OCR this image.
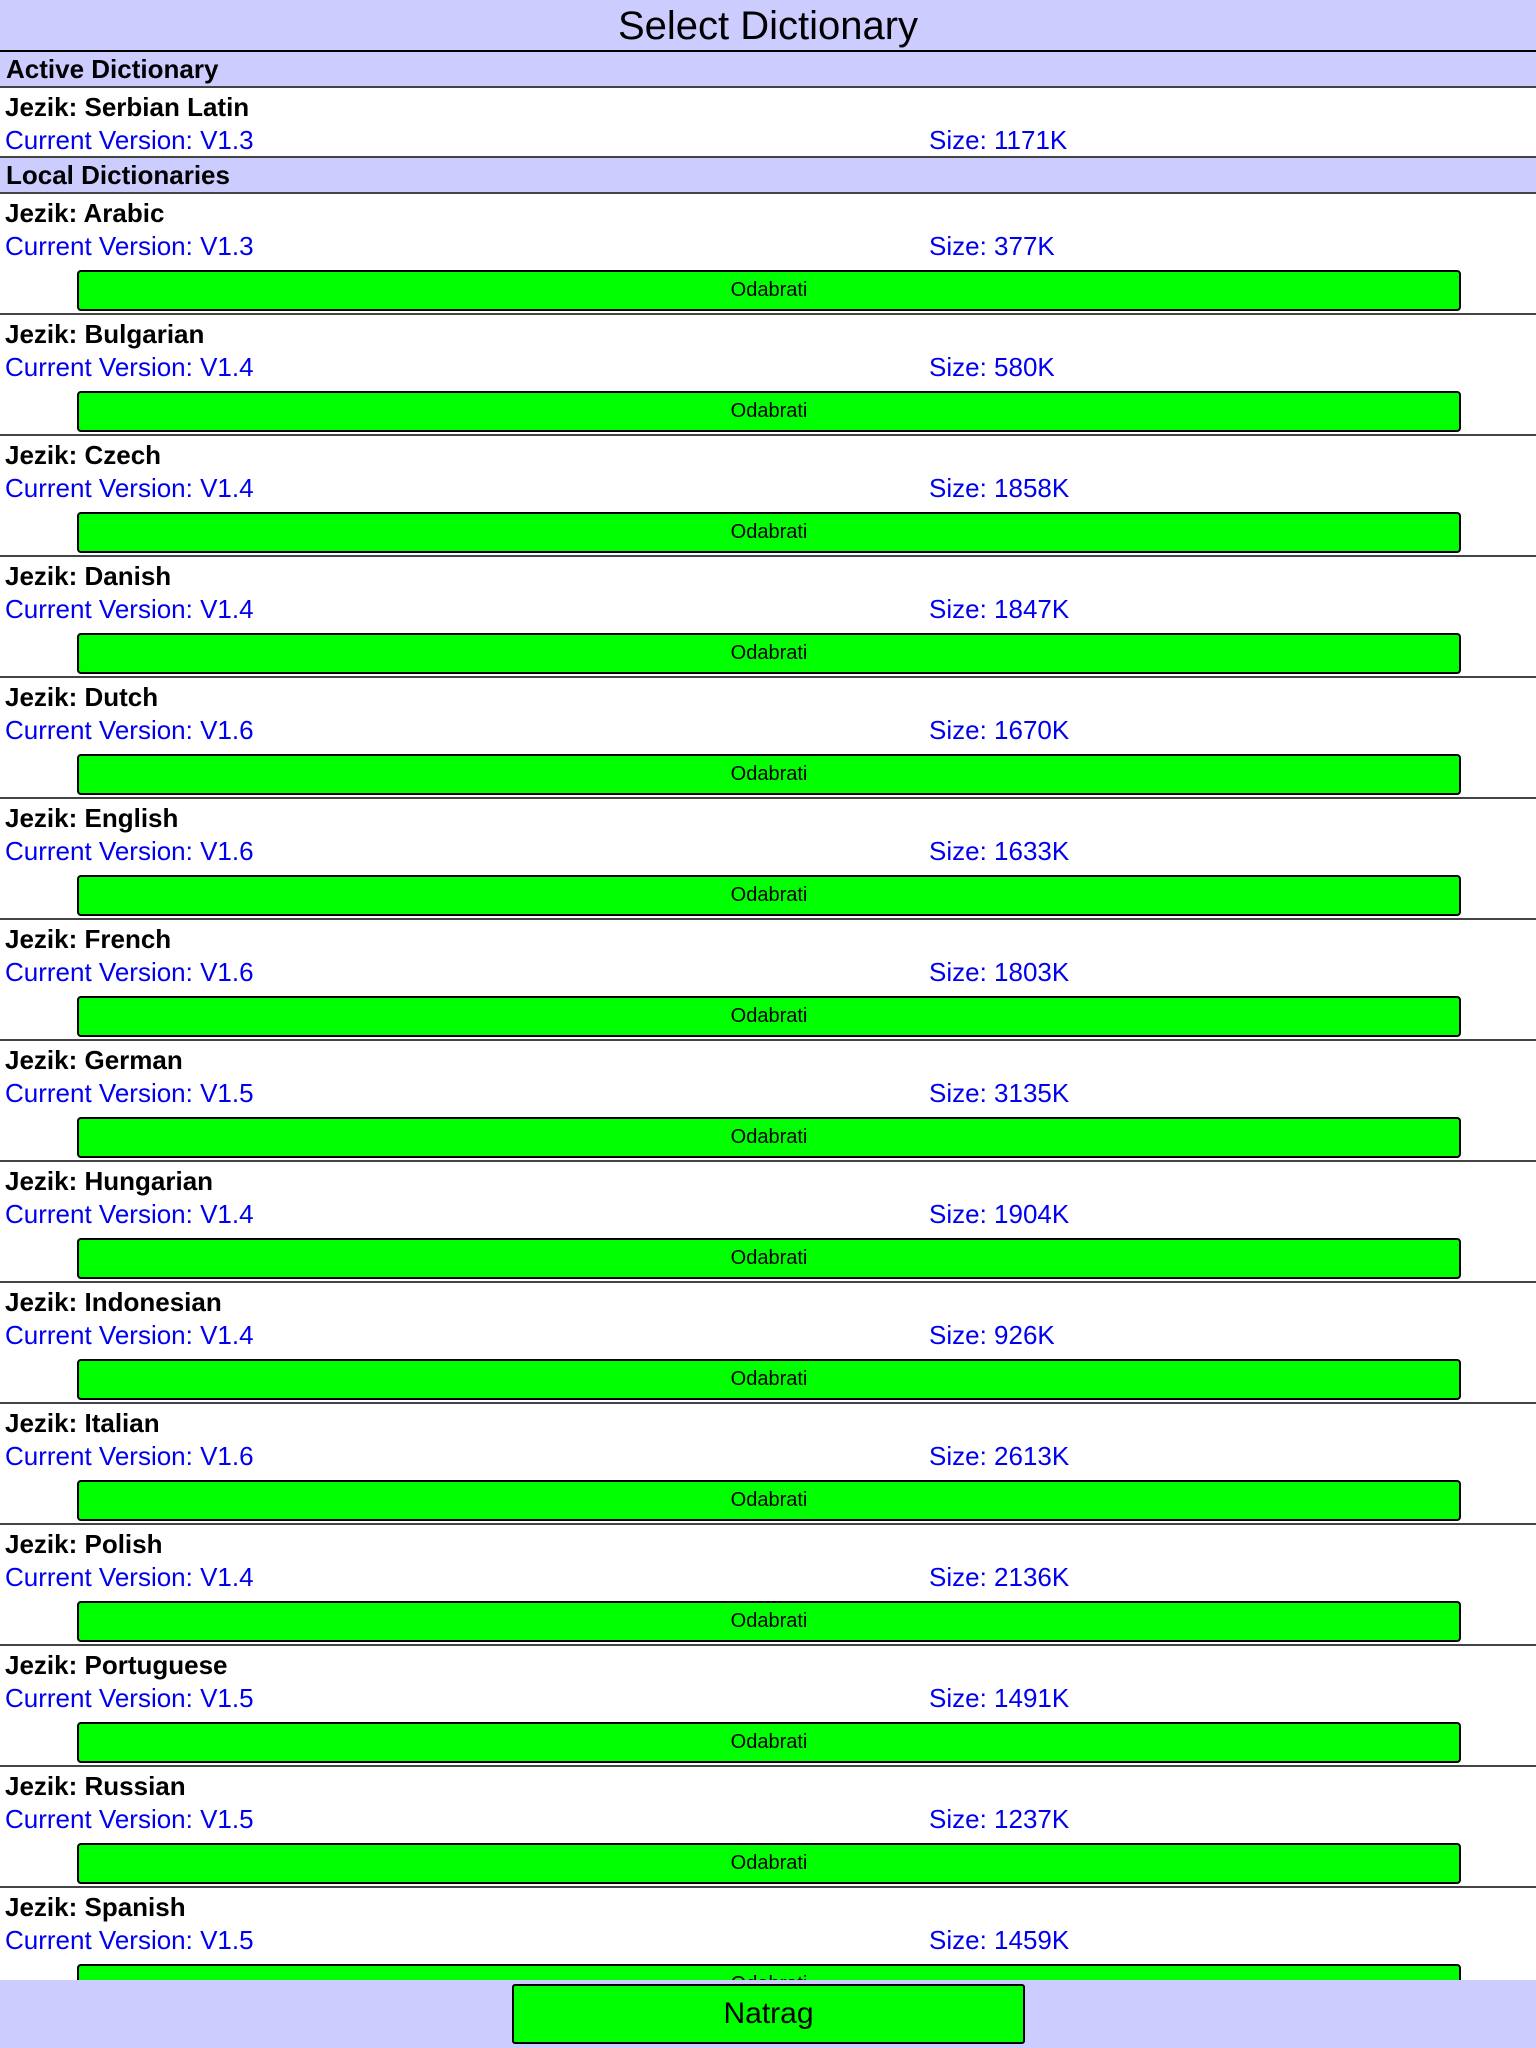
Select Dictionary
Active Dictionary
Jezik: Serbian Latin
Current Version: V1.3	Size: 1171K
Local Dictionaries
Jezik: Arabic
Current Version: V1.3	Size: 377K
Odabrati
Jezik: Bulgarian
Current Version: V1.4	Size: 580K
Odabrati
Jezik: Czech
Current Version: V1.4	Size: 1858K
Odabrati
Jezik: Danish
Current Version: V1.4	Size: 1847K
Odabrati
Jezik: Dutch
Current Version: V1.6	Size: 1670K
Odabrati
Jezik: English
Current Version: V1.6	Size: 1633K
Odabrati
Jezik: French
Current Version: V1.6	Size: 1803K
Odabrati
Jezik: German
Current Version: V1.5	Size: 3135K
Odabrati
Jezik: Hungarian
Current Version: V1.4	Size: 1904K
Odabrati
Jezik: Indonesian
Current Version: V1.4	Size: 926K
Odabrati
Jezik: Italian
Current Version: V1.6	Size: 2613K
Odabrati
Jezik: Polish
Current Version: V1.4	Size: 2136K
Odabrati
Jezik: Portuguese
Current Version: V1.5	Size: 1491K
Odabrati
Jezik: Russian
Current Version: V1.5	Size: 1237K
Odabrati
Jezik: Spanish
Current Version: V1.5	Size: 1459K
Natrag
